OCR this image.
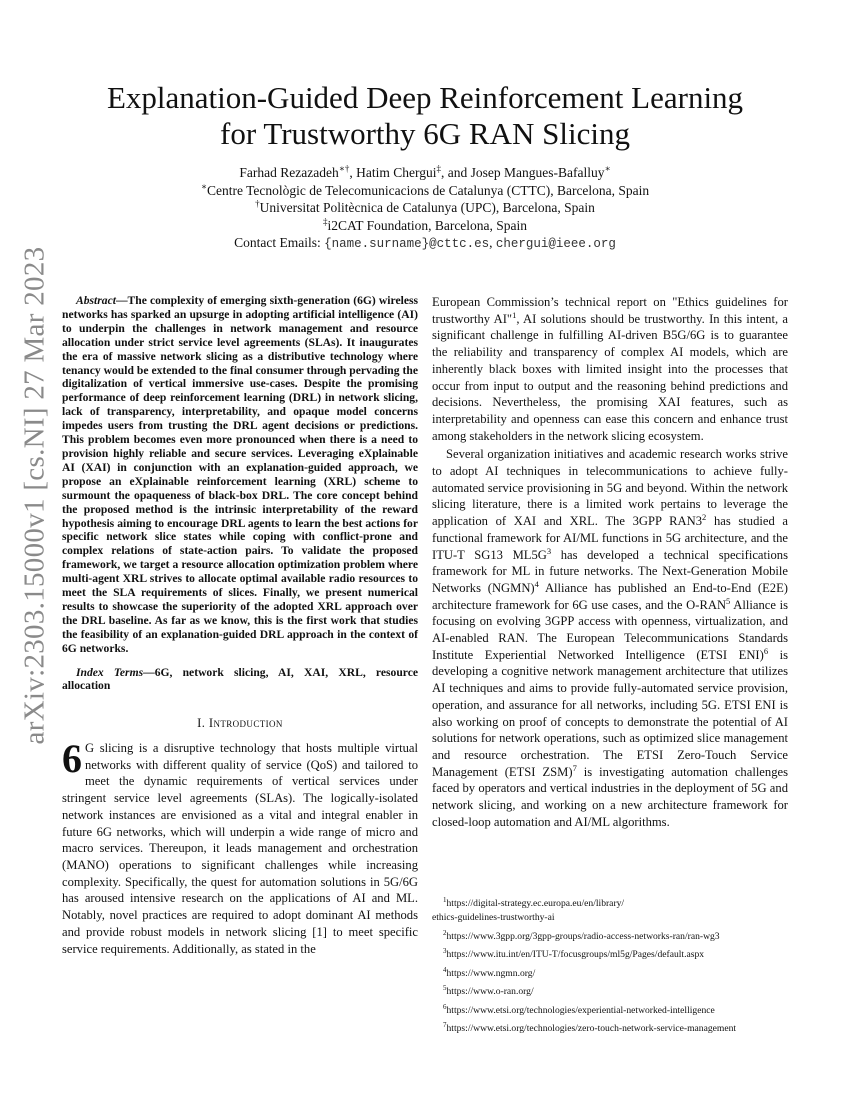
arXiv:2303.15000v1 [cs.NI] 27 Mar 2023
Explanation-Guided Deep Reinforcement Learning
for Trustworthy 6G RAN Slicing
Farhad Rezazadeh∗†, Hatim Chergui‡, and Josep Mangues-Bafalluy∗
∗Centre Tecnològic de Telecomunicacions de Catalunya (CTTC), Barcelona, Spain
†Universitat Politècnica de Catalunya (UPC), Barcelona, Spain
‡i2CAT Foundation, Barcelona, Spain
Contact Emails: {name.surname}@cttc.es, chergui@ieee.org

Abstract—The complexity of emerging sixth-generation (6G) wireless networks has sparked an upsurge in adopting artificial intelligence (AI) to underpin the challenges in network management and resource allocation under strict service level agreements (SLAs). It inaugurates the era of massive network slicing as a distributive technology where tenancy would be extended to the final consumer through pervading the digitalization of vertical immersive use-cases. Despite the promising performance of deep reinforcement learning (DRL) in network slicing, lack of transparency, interpretability, and opaque model concerns impedes users from trusting the DRL agent decisions or predictions. This problem becomes even more pronounced when there is a need to provision highly reliable and secure services. Leveraging eXplainable AI (XAI) in conjunction with an explanation-guided approach, we propose an eXplainable reinforcement learning (XRL) scheme to surmount the opaqueness of black-box DRL. The core concept behind the proposed method is the intrinsic interpretability of the reward hypothesis aiming to encourage DRL agents to learn the best actions for specific network slice states while coping with conflict-prone and complex relations of state-action pairs. To validate the proposed framework, we target a resource allocation optimization problem where multi-agent XRL strives to allocate optimal available radio resources to meet the SLA requirements of slices. Finally, we present numerical results to showcase the superiority of the adopted XRL approach over the DRL baseline. As far as we know, this is the first work that studies the feasibility of an explanation-guided DRL approach in the context of 6G networks.

Index Terms—6G, network slicing, AI, XAI, XRL, resource allocation

I. Introduction

6 G slicing is a disruptive technology that hosts multiple virtual networks with different quality of service (QoS) and tailored to meet the dynamic requirements of vertical services under stringent service level agreements (SLAs). The logically-isolated network instances are envisioned as a vital and integral enabler in future 6G networks, which will underpin a wide range of micro and macro services. Thereupon, it leads management and orchestration (MANO) operations to significant challenges while increasing complexity. Specifically, the quest for automation solutions in 5G/6G has aroused intensive research on the applications of AI and ML. Notably, novel practices are required to adopt dominant AI methods and provide robust models in network slicing [1] to meet specific service requirements. Additionally, as stated in the

European Commission’s technical report on "Ethics guidelines for trustworthy AI"$^1$, AI solutions should be trustworthy. In this intent, a significant challenge in fulfilling AI-driven B5G/6G is to guarantee the reliability and transparency of complex AI models, which are inherently black boxes with limited insight into the processes that occur from input to output and the reasoning behind predictions and decisions. Nevertheless, the promising XAI features, such as interpretability and openness can ease this concern and enhance trust among stakeholders in the network slicing ecosystem.

Several organization initiatives and academic research works strive to adopt AI techniques in telecommunications to achieve fully-automated service provisioning in 5G and beyond. Within the network slicing literature, there is a limited work pertains to leverage the application of XAI and XRL. The 3GPP RAN3$^2$ has studied a functional framework for AI/ML functions in 5G architecture, and the ITU-T SG13 ML5G$^3$ has developed a technical specifications framework for ML in future networks. The Next-Generation Mobile Networks (NGMN)$^4$ Alliance has published an End-to-End (E2E) architecture framework for 6G use cases, and the O-RAN$^5$ Alliance is focusing on evolving 3GPP access with openness, virtualization, and AI-enabled RAN. The European Telecommunications Standards Institute Experiential Networked Intelligence (ETSI ENI)$^6$ is developing a cognitive network management architecture that utilizes AI techniques and aims to provide fully-automated service provision, operation, and assurance for all networks, including 5G. ETSI ENI is also working on proof of concepts to demonstrate the potential of AI solutions for network operations, such as optimized slice management and resource orchestration. The ETSI Zero-Touch Service Management (ETSI ZSM)$^7$ is investigating automation challenges faced by operators and vertical industries in the deployment of 5G and network slicing, and working on a new architecture framework for closed-loop automation and AI/ML algorithms.

$^1$https://digital-strategy.ec.europa.eu/en/library/
ethics-guidelines-trustworthy-ai
$^2$https://www.3gpp.org/3gpp-groups/radio-access-networks-ran/ran-wg3
$^3$https://www.itu.int/en/ITU-T/focusgroups/ml5g/Pages/default.aspx
$^4$https://www.ngmn.org/
$^5$https://www.o-ran.org/
$^6$https://www.etsi.org/technologies/experiential-networked-intelligence
$^7$https://www.etsi.org/technologies/zero-touch-network-service-management
